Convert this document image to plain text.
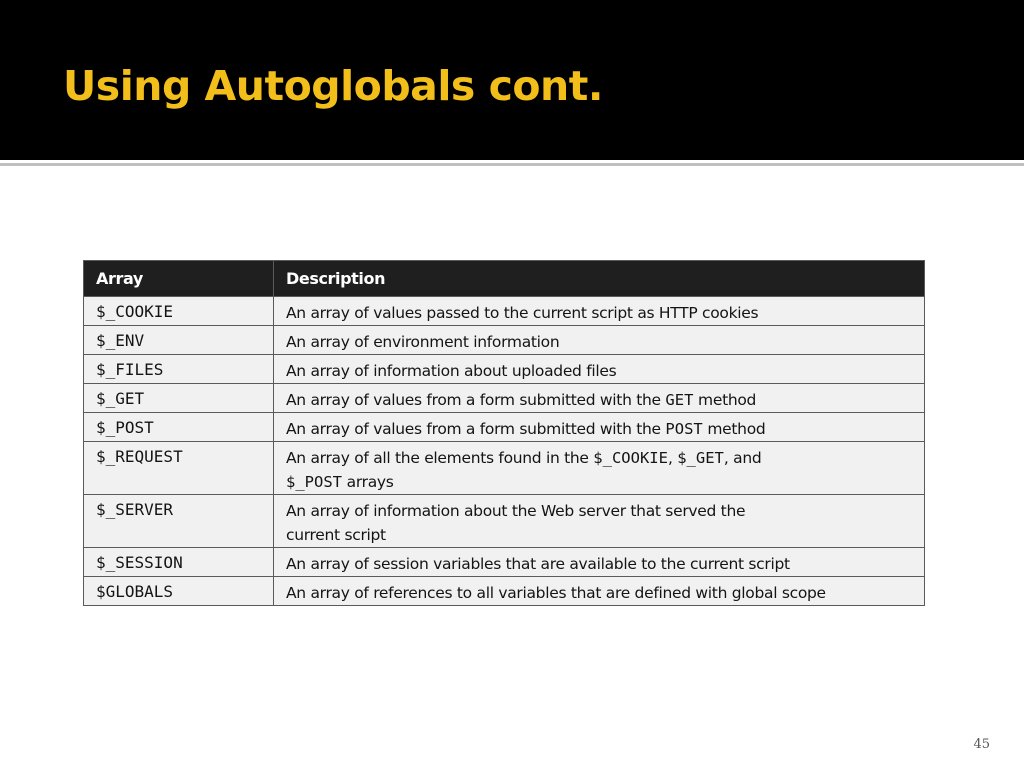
Using Autoglobals cont.
Array	Description
$_COOKIE	An array of values passed to the current script as HTTP cookies
$_ENV	An array of environment information
$_FILES	An array of information about uploaded files
$_GET	An array of values from a form submitted with the GET method
$_POST	An array of values from a form submitted with the POST method
$_REQUEST	An array of all the elements found in the $_COOKIE, $_GET, and
$_POST arrays
$_SERVER	An array of information about the Web server that served the
current script
$_SESSION	An array of session variables that are available to the current script
$GLOBALS	An array of references to all variables that are defined with global scope
45
